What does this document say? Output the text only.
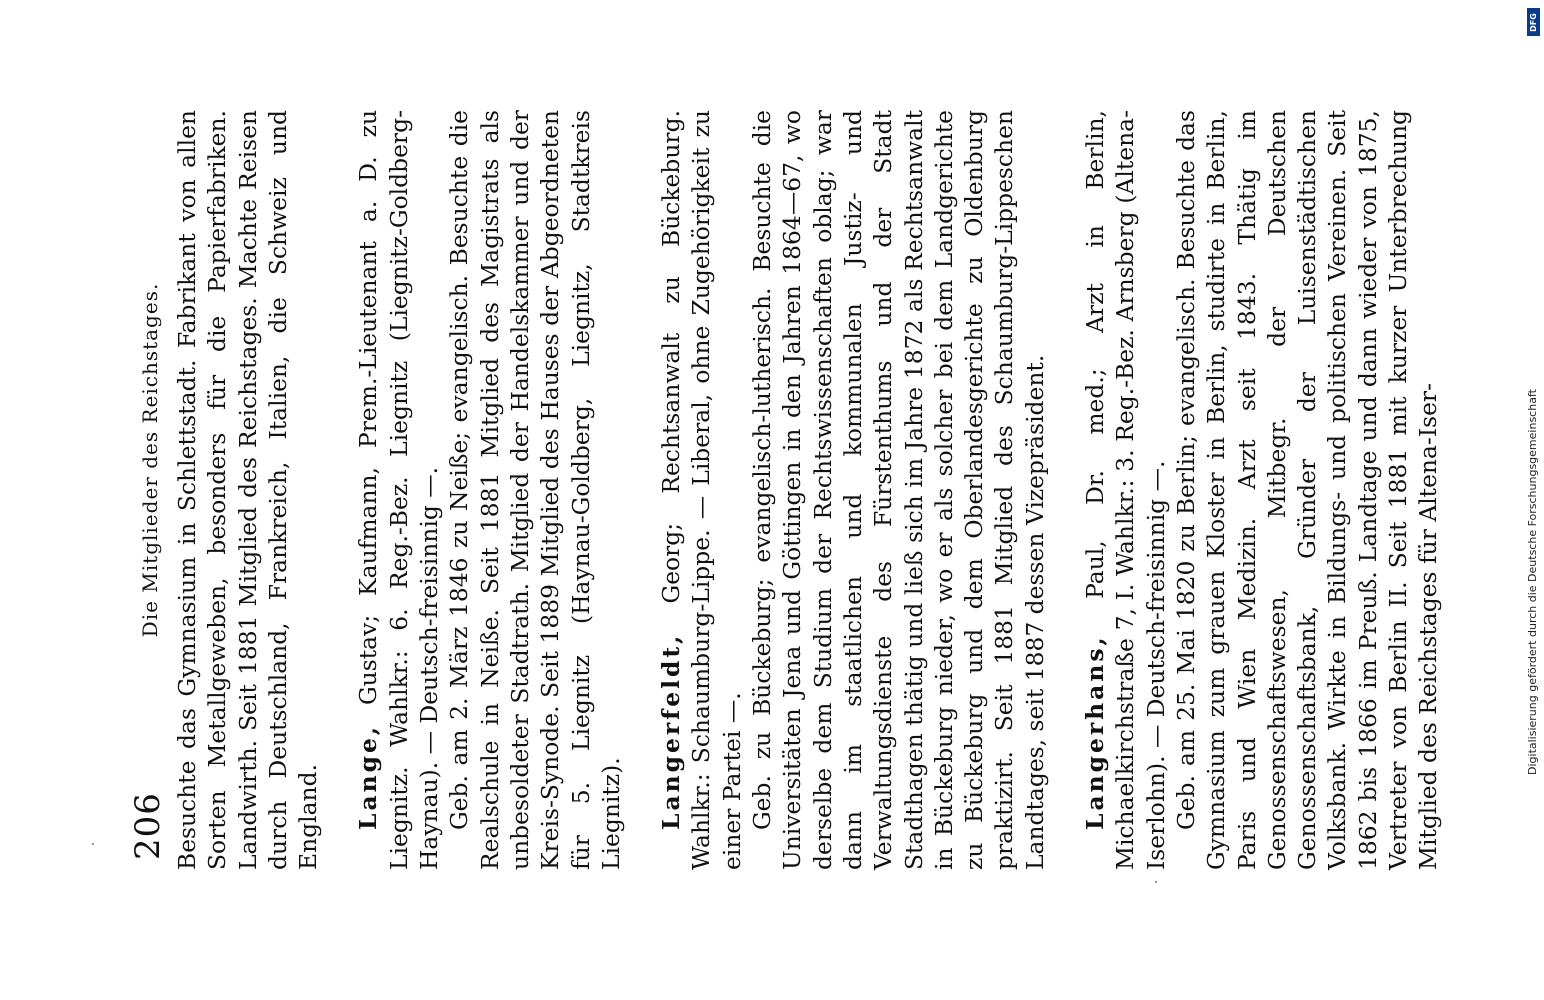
206
Die Mitglieder des Reichstages. Besuchte das Gymnasium in Schlettstadt. Fabrikant von allen Sorten Metallgeweben, besonders für die Papierfabriken. Landwirth. Seit 1881 Mitglied des Reichstages. Machte Reisen durch Deutschland, Frankreich, Italien, die Schweiz und England. Lange, Gustav; Kaufmann, Prem.-Lieutenant a. D. zu Liegnitz. Wahlkr.: 6. Reg.-Bez. Liegnitz (Liegnitz-Goldberg-Haynau). — Deutsch-freisinnig —. Geb. am 2. März 1846 zu Neiße; evangelisch. Besuchte die Realschule in Neiße. Seit 1881 Mitglied des Magistrats als unbesoldeter Stadtrath. Mitglied der Handelskammer und der Kreis-Synode. Seit 1889 Mitglied des Hauses der Abgeordneten für 5. Liegnitz (Haynau-Goldberg, Liegnitz, Stadtkreis Liegnitz). Langerfeldt, Georg; Rechtsanwalt zu Bückeburg. Wahlkr.: Schaumburg-Lippe. — Liberal, ohne Zugehörigkeit zu einer Partei —. Geb. zu Bückeburg; evangelisch-lutherisch. Besuchte die Universitäten Jena und Göttingen in den Jahren 1864—67, wo derselbe dem Studium der Rechtswissenschaften oblag; war dann im staatlichen und kommunalen Justiz- und Verwaltungsdienste des Fürstenthums und der Stadt Stadthagen thätig und ließ sich im Jahre 1872 als Rechtsanwalt in Bückeburg nieder, wo er als solcher bei dem Landgerichte zu Bückeburg und dem Oberlandesgerichte zu Oldenburg praktizirt. Seit 1881 Mitglied des Schaumburg-Lippeschen Landtages, seit 1887 dessen Vizepräsident. Langerhans, Paul, Dr. med.; Arzt in Berlin, Michaelkirchstraße 7, I. Wahlkr.: 3. Reg.-Bez. Arnsberg (Altena-Iserlohn). — Deutsch-freisinnig —. Geb. am 25. Mai 1820 zu Berlin; evangelisch. Besuchte das Gymnasium zum grauen Kloster in Berlin, studirte in Berlin, Paris und Wien Medizin. Arzt seit 1843. Thätig im Genossenschaftswesen, Mitbegr. der Deutschen Genossenschaftsbank, Gründer der Luisenstädtischen Volksbank. Wirkte in Bildungs- und politischen Vereinen. Seit 1862 bis 1866 im Preuß. Landtage und dann wieder von 1875, Vertreter von Berlin II. Seit 1881 mit kurzer Unterbrechung Mitglied des Reichstages für Altena-Iser-

DFG
Digitalisierung gefördert durch die Deutsche Forschungsgemeinschaft
